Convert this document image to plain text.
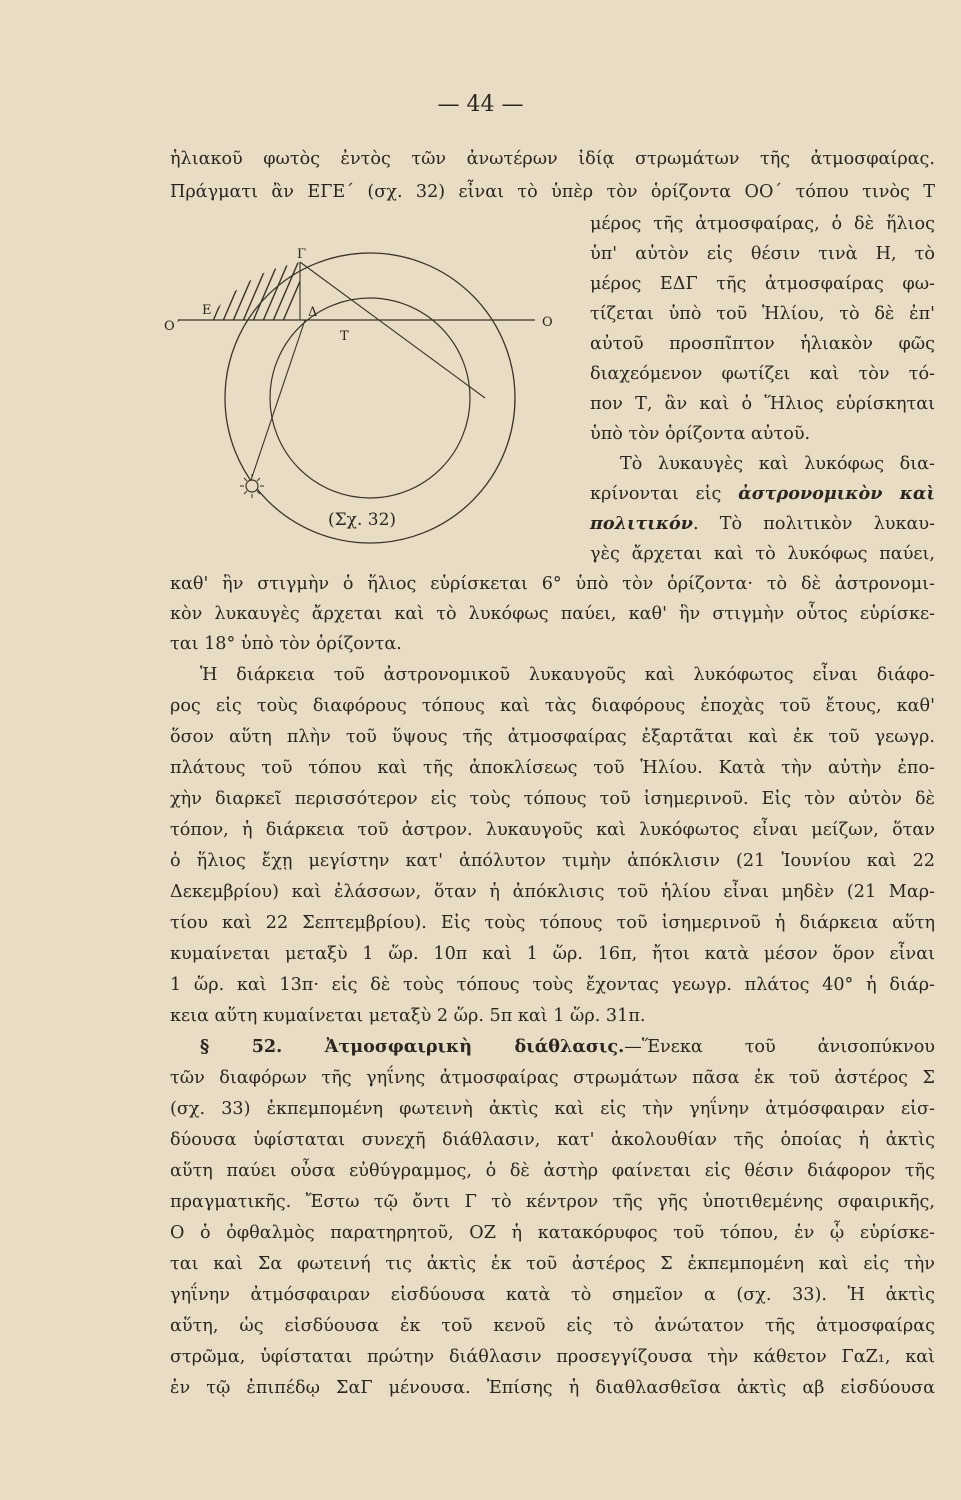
— 44 —
ἡλιακοῦ φωτὸς ἐντὸς τῶν ἀνωτέρων ἰδίᾳ στρωμάτων τῆς ἀτμοσφαίρας.
Πράγματι ἂν ΕΓΕ΄ (σχ. 32) εἶναι τὸ ὑπὲρ τὸν ὁρίζοντα ΟΟ΄ τόπου τινὸς Τ
Γ
Ε	Δ
Τ
Ο΄	Ο
(Σχ. 32)
μέρος τῆς ἀτμοσφαίρας, ὁ δὲ ἥλιος
ὑπ' αὐτὸν εἰς θέσιν τινὰ Η, τὸ
μέρος ΕΔΓ τῆς ἀτμοσφαίρας φω-
τίζεται ὑπὸ τοῦ Ἡλίου, τὸ δὲ ἐπ'
αὐτοῦ προσπῖπτον ἡλιακὸν φῶς
διαχεόμενον φωτίζει καὶ τὸν τό-
πον Τ, ἂν καὶ ὁ Ἥλιος εὑρίσκηται
ὑπὸ τὸν ὁρίζοντα αὐτοῦ.
Τὸ λυκαυγὲς καὶ λυκόφως δια-
κρίνονται εἰς ἀστρονομικὸν καὶ
πολιτικόν. Τὸ πολιτικὸν λυκαυ-
γὲς ἄρχεται καὶ τὸ λυκόφως παύει,
καθ' ἣν στιγμὴν ὁ ἥλιος εὑρίσκεται 6° ὑπὸ τὸν ὁρίζοντα· τὸ δὲ ἀστρονομι-
κὸν λυκαυγὲς ἄρχεται καὶ τὸ λυκόφως παύει, καθ' ἣν στιγμὴν οὗτος εὑρίσκε-
ται 18° ὑπὸ τὸν ὁρίζοντα.
Ἡ διάρκεια τοῦ ἀστρονομικοῦ λυκαυγοῦς καὶ λυκόφωτος εἶναι διάφο-
ρος εἰς τοὺς διαφόρους τόπους καὶ τὰς διαφόρους ἐποχὰς τοῦ ἔτους, καθ'
ὅσον αὕτη πλὴν τοῦ ὕψους τῆς ἀτμοσφαίρας ἐξαρτᾶται καὶ ἐκ τοῦ γεωγρ.
πλάτους τοῦ τόπου καὶ τῆς ἀποκλίσεως τοῦ Ἡλίου. Κατὰ τὴν αὐτὴν ἐπο-
χὴν διαρκεῖ περισσότερον εἰς τοὺς τόπους τοῦ ἰσημερινοῦ. Εἰς τὸν αὐτὸν δὲ
τόπον, ἡ διάρκεια τοῦ ἀστρον. λυκαυγοῦς καὶ λυκόφωτος εἶναι μείζων, ὅταν
ὁ ἥλιος ἔχῃ μεγίστην κατ' ἀπόλυτον τιμὴν ἀπόκλισιν (21 Ἰουνίου καὶ 22
Δεκεμβρίου) καὶ ἐλάσσων, ὅταν ἡ ἀπόκλισις τοῦ ἡλίου εἶναι μηδὲν (21 Μαρ-
τίου καὶ 22 Σεπτεμβρίου). Εἰς τοὺς τόπους τοῦ ἰσημερινοῦ ἡ διάρκεια αὕτη
κυμαίνεται μεταξὺ 1 ὥρ. 10π καὶ 1 ὥρ. 16π, ἤτοι κατὰ μέσον ὅρον εἶναι
1 ὥρ. καὶ 13π· εἰς δὲ τοὺς τόπους τοὺς ἔχοντας γεωγρ. πλάτος 40° ἡ διάρ-
κεια αὕτη κυμαίνεται μεταξὺ 2 ὥρ. 5π καὶ 1 ὥρ. 31π.
§ 52. Ἀτμοσφαιρικὴ διάθλασις.—Ἕνεκα τοῦ ἀνισοπύκνου
τῶν διαφόρων τῆς γηΐνης ἀτμοσφαίρας στρωμάτων πᾶσα ἐκ τοῦ ἀστέρος Σ
(σχ. 33) ἐκπεμπομένη φωτεινὴ ἀκτὶς καὶ εἰς τὴν γηΐνην ἀτμόσφαιραν εἰσ-
δύουσα ὑφίσταται συνεχῆ διάθλασιν, κατ' ἀκολουθίαν τῆς ὁποίας ἡ ἀκτὶς
αὕτη παύει οὖσα εὐθύγραμμος, ὁ δὲ ἀστὴρ φαίνεται εἰς θέσιν διάφορον τῆς
πραγματικῆς. Ἔστω τῷ ὄντι Γ τὸ κέντρον τῆς γῆς ὑποτιθεμένης σφαιρικῆς,
Ο ὁ ὀφθαλμὸς παρατηρητοῦ, ΟΖ ἡ κατακόρυφος τοῦ τόπου, ἐν ᾧ εὑρίσκε-
ται καὶ Σα φωτεινή τις ἀκτὶς ἐκ τοῦ ἀστέρος Σ ἐκπεμπομένη καὶ εἰς τὴν
γηΐνην ἀτμόσφαιραν εἰσδύουσα κατὰ τὸ σημεῖον α (σχ. 33). Ἡ ἀκτὶς
αὕτη, ὡς εἰσδύουσα ἐκ τοῦ κενοῦ εἰς τὸ ἀνώτατον τῆς ἀτμοσφαίρας
στρῶμα, ὑφίσταται πρώτην διάθλασιν προσεγγίζουσα τὴν κάθετον ΓαΖ₁, καὶ
ἐν τῷ ἐπιπέδῳ ΣαΓ μένουσα. Ἐπίσης ἡ διαθλασθεῖσα ἀκτὶς αβ εἰσδύουσα
